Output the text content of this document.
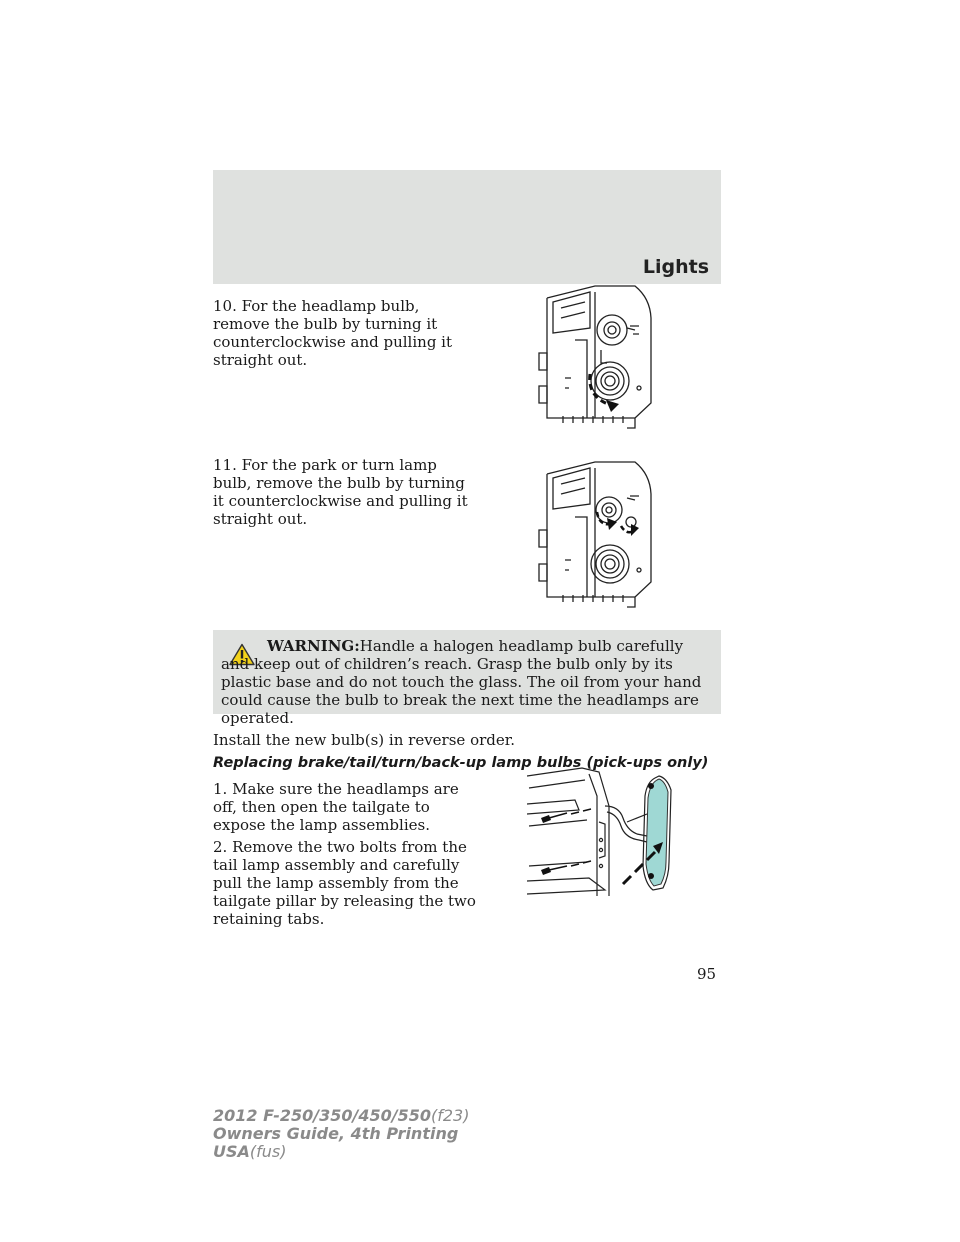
Lights

10. For the headlamp bulb, remove the bulb by turning it counterclockwise and pulling it straight out.

11. For the park or turn lamp bulb, remove the bulb by turning it counterclockwise and pulling it straight out.

WARNING:Handle a halogen headlamp bulb carefully and keep out of children’s reach. Grasp the bulb only by its plastic base and do not touch the glass. The oil from your hand could cause the bulb to break the next time the headlamps are operated.

Install the new bulb(s) in reverse order.

Replacing brake/tail/turn/back-up lamp bulbs (pick-ups only)

1. Make sure the headlamps are off, then open the tailgate to expose the lamp assemblies.

2. Remove the two bolts from the tail lamp assembly and carefully pull the lamp assembly from the tailgate pillar by releasing the two retaining tabs.

95
2012 F-250/350/450/550(f23)
Owners Guide, 4th Printing
USA(fus)
